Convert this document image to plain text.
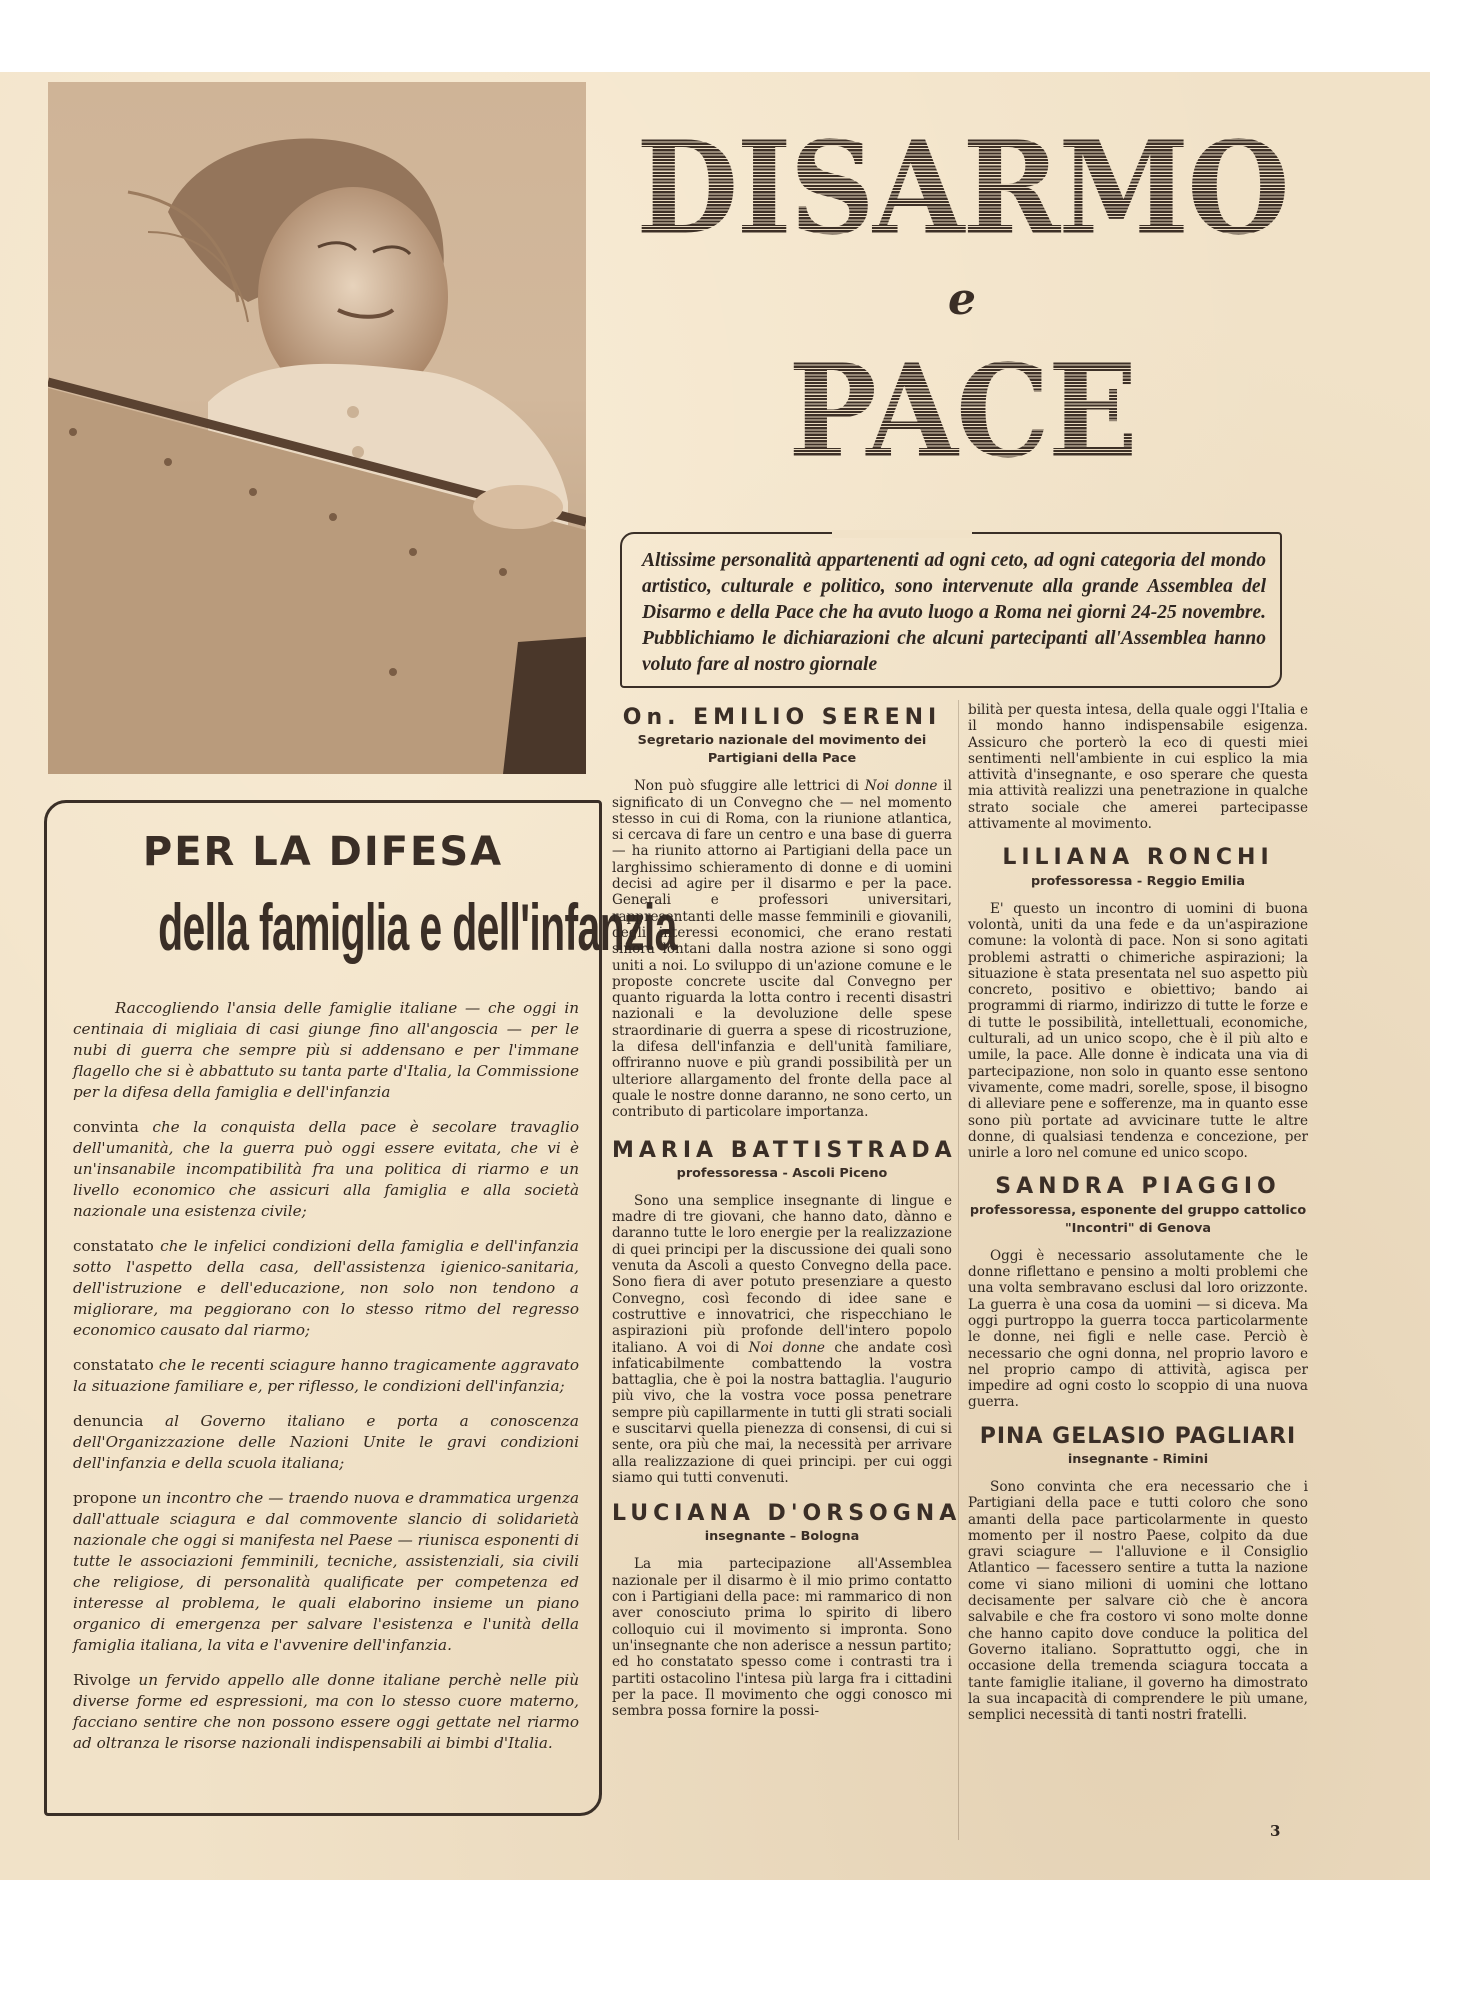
PER LA DIFESA
della famiglia e dell'infanzia

Raccogliendo l'ansia delle famiglie italiane — che oggi in centinaia di migliaia di casi giunge fino all'angoscia — per le nubi di guerra che sempre più si addensano e per l'immane flagello che si è abbattuto su tanta parte d'Italia, la Commissione per la difesa della famiglia e dell'infanzia

convinta che la conquista della pace è secolare travaglio dell'umanità, che la guerra può oggi essere evitata, che vi è un'insanabile incompatibilità fra una politica di riarmo e un livello economico che assicuri alla famiglia e alla società nazionale una esistenza civile;

constatato che le infelici condizioni della famiglia e dell'infanzia sotto l'aspetto della casa, dell'assistenza igienico-sanitaria, dell'istruzione e dell'educazione, non solo non tendono a migliorare, ma peggiorano con lo stesso ritmo del regresso economico causato dal riarmo;

constatato che le recenti sciagure hanno tragicamente aggravato la situazione familiare e, per riflesso, le condizioni dell'infanzia;

denuncia al Governo italiano e porta a conoscenza dell'Organizzazione delle Nazioni Unite le gravi condizioni dell'infanzia e della scuola italiana;

propone un incontro che — traendo nuova e drammatica urgenza dall'attuale sciagura e dal commovente slancio di solidarietà nazionale che oggi si manifesta nel Paese — riunisca esponenti di tutte le associazioni femminili, tecniche, assistenziali, sia civili che religiose, di personalità qualificate per competenza ed interesse al problema, le quali elaborino insieme un piano organico di emergenza per salvare l'esistenza e l'unità della famiglia italiana, la vita e l'avvenire dell'infanzia.

Rivolge un fervido appello alle donne italiane perchè nelle più diverse forme ed espressioni, ma con lo stesso cuore materno, facciano sentire che non possono essere oggi gettate nel riarmo ad oltranza le risorse nazionali indispensabili ai bimbi d'Italia.

DISARMO
e
PACE
Altissime personalità appartenenti ad ogni ceto, ad ogni categoria del mondo artistico, culturale e politico, sono intervenute alla grande Assemblea del Disarmo e della Pace che ha avuto luogo a Roma nei giorni 24-25 novembre. Pubblichiamo le dichiarazioni che alcuni partecipanti all'Assemblea hanno voluto fare al nostro giornale
On. EMILIO SERENI
Segretario nazionale del movimento dei Partigiani della Pace

Non può sfuggire alle lettrici di Noi donne il significato di un Convegno che — nel momento stesso in cui di Roma, con la riunione atlantica, si cercava di fare un centro e una base di guerra — ha riunito attorno ai Partigiani della pace un larghissimo schieramento di donne e di uomini decisi ad agire per il disarmo e per la pace. Generali e professori universitari, rappresentanti delle masse femminili e giovanili, degli interessi economici, che erano restati sinora lontani dalla nostra azione si sono oggi uniti a noi. Lo sviluppo di un'azione comune e le proposte concrete uscite dal Convegno per quanto riguarda la lotta contro i recenti disastri nazionali e la devoluzione delle spese straordinarie di guerra a spese di ricostruzione, la difesa dell'infanzia e dell'unità familiare, offriranno nuove e più grandi possibilità per un ulteriore allargamento del fronte della pace al quale le nostre donne daranno, ne sono certo, un contributo di particolare importanza.

MARIA BATTISTRADA
professoressa - Ascoli Piceno

Sono una semplice insegnante di lingue e madre di tre giovani, che hanno dato, dànno e daranno tutte le loro energie per la realizzazione di quei principi per la discussione dei quali sono venuta da Ascoli a questo Convegno della pace. Sono fiera di aver potuto presenziare a questo Convegno, così fecondo di idee sane e costruttive e innovatrici, che rispecchiano le aspirazioni più profonde dell'intero popolo italiano. A voi di Noi donne che andate così infaticabilmente combattendo la vostra battaglia, che è poi la nostra battaglia. l'augurio più vivo, che la vostra voce possa penetrare sempre più capillarmente in tutti gli strati sociali e suscitarvi quella pienezza di consensi, di cui si sente, ora più che mai, la necessità per arrivare alla realizzazione di quei principi. per cui oggi siamo qui tutti convenuti.

LUCIANA D'ORSOGNA
insegnante – Bologna

La mia partecipazione all'Assemblea nazionale per il disarmo è il mio primo contatto con i Partigiani della pace: mi rammarico di non aver conosciuto prima lo spirito di libero colloquio cui il movimento si impronta. Sono un'insegnante che non aderisce a nessun partito; ed ho constatato spesso come i contrasti tra i partiti ostacolino l'intesa più larga fra i cittadini per la pace. Il movimento che oggi conosco mi sembra possa fornire la possi-

bilità per questa intesa, della quale oggi l'Italia e il mondo hanno indispensabile esigenza. Assicuro che porterò la eco di questi miei sentimenti nell'ambiente in cui esplico la mia attività d'insegnante, e oso sperare che questa mia attività realizzi una penetrazione in qualche strato sociale che amerei partecipasse attivamente al movimento.

LILIANA RONCHI
professoressa - Reggio Emilia

E' questo un incontro di uomini di buona volontà, uniti da una fede e da un'aspirazione comune: la volontà di pace. Non si sono agitati problemi astratti o chimeriche aspirazioni; la situazione è stata presentata nel suo aspetto più concreto, positivo e obiettivo; bando ai programmi di riarmo, indirizzo di tutte le forze e di tutte le possibilità, intellettuali, economiche, culturali, ad un unico scopo, che è il più alto e umile, la pace. Alle donne è indicata una via di partecipazione, non solo in quanto esse sentono vivamente, come madri, sorelle, spose, il bisogno di alleviare pene e sofferenze, ma in quanto esse sono più portate ad avvicinare tutte le altre donne, di qualsiasi tendenza e concezione, per unirle a loro nel comune ed unico scopo.

SANDRA PIAGGIO
professoressa, esponente del gruppo cattolico "Incontri" di Genova

Oggi è necessario assolutamente che le donne riflettano e pensino a molti problemi che una volta sembravano esclusi dal loro orizzonte. La guerra è una cosa da uomini — si diceva. Ma oggi purtroppo la guerra tocca particolarmente le donne, nei figli e nelle case. Perciò è necessario che ogni donna, nel proprio lavoro e nel proprio campo di attività, agisca per impedire ad ogni costo lo scoppio di una nuova guerra.

PINA GELASIO PAGLIARI
insegnante - Rimini

Sono convinta che era necessario che i Partigiani della pace e tutti coloro che sono amanti della pace particolarmente in questo momento per il nostro Paese, colpito da due gravi sciagure — l'alluvione e il Consiglio Atlantico — facessero sentire a tutta la nazione come vi siano milioni di uomini che lottano decisamente per salvare ciò che è ancora salvabile e che fra costoro vi sono molte donne che hanno capito dove conduce la politica del Governo italiano. Soprattutto oggi, che in occasione della tremenda sciagura toccata a tante famiglie italiane, il governo ha dimostrato la sua incapacità di comprendere le più umane, semplici necessità di tanti nostri fratelli.

3
